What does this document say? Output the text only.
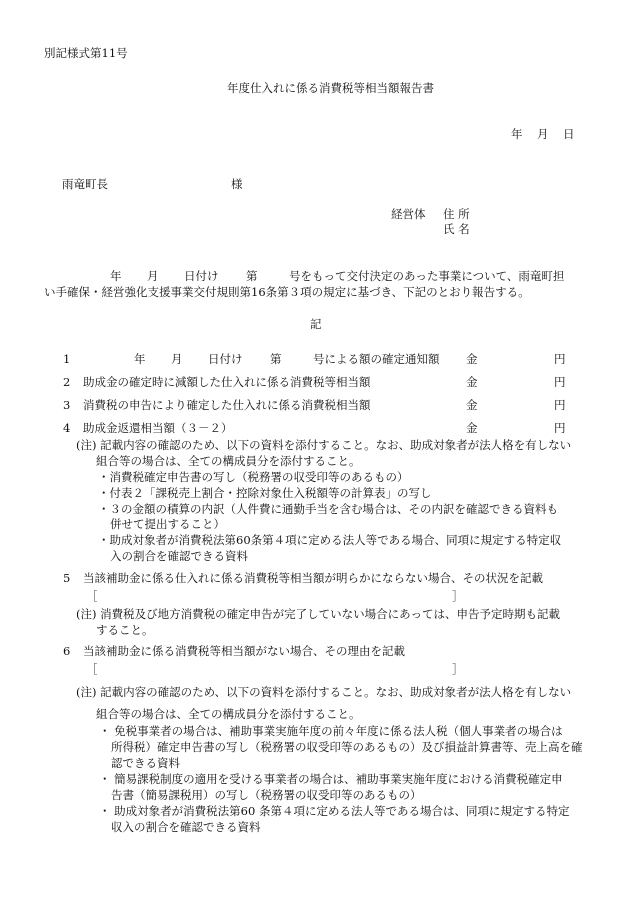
別記様式第11号
年度仕入れに係る消費税等相当額報告書
年 月 日
雨竜町長	様
経営体 住 所
氏 名
年 月 日付け 第	号をもって交付決定のあった事業について、雨竜町担
い手確保・経営強化支援事業交付規則第16条第３項の規定に基づき、下記のとおり報告する。
記
1	年 月 日付け 第	号による額の確定通知額 金	円
2 助成金の確定時に減額した仕入れに係る消費税等相当額	金	円
3 消費税の申告により確定した仕入れに係る消費税相当額	金	円
4 助成金返還相当額（３－２）	金	円
(注) 記載内容の確認のため、以下の資料を添付すること。なお、助成対象者が法人格を有しない
組合等の場合は、全ての構成員分を添付すること。
・消費税確定申告書の写し（税務署の収受印等のあるもの）
・付表２「課税売上割合・控除対象仕入税額等の計算表」の写し
・３の金額の積算の内訳（人件費に通勤手当を含む場合は、その内訳を確認できる資料も
併せて提出すること）
・助成対象者が消費税法第60条第４項に定める法人等である場合、同項に規定する特定収
入の割合を確認できる資料
5 当該補助金に係る仕入れに係る消費税等相当額が明らかにならない場合、その状況を記載
［	］
(注) 消費税及び地方消費税の確定申告が完了していない場合にあっては、申告予定時期も記載
すること。
6 当該補助金に係る消費税等相当額がない場合、その理由を記載
［	］
(注) 記載内容の確認のため、以下の資料を添付すること。なお、助成対象者が法人格を有しない
組合等の場合は、全ての構成員分を添付すること。
・ 免税事業者の場合は、補助事業実施年度の前々年度に係る法人税（個人事業者の場合は
所得税）確定申告書の写し（税務署の収受印等のあるもの）及び損益計算書等、売上高を確
認できる資料
・ 簡易課税制度の適用を受ける事業者の場合は、補助事業実施年度における消費税確定申
告書（簡易課税用）の写し（税務署の収受印等のあるもの）
・ 助成対象者が消費税法第60 条第４項に定める法人等である場合は、同項に規定する特定
収入の割合を確認できる資料
